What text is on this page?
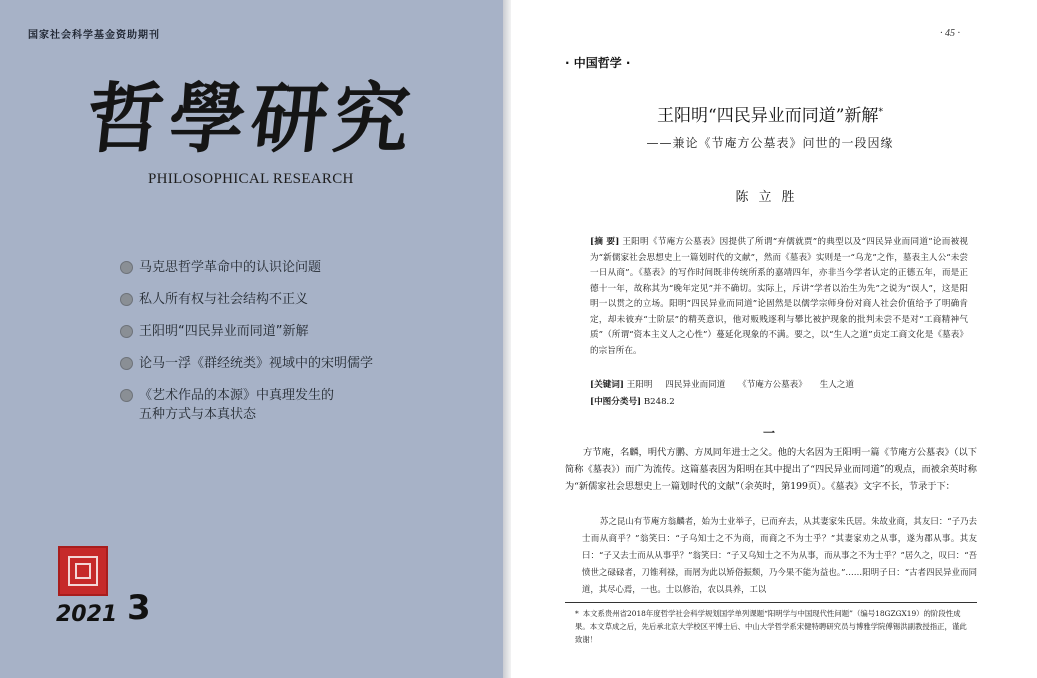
国家社会科学基金资助期刊
哲學研究
PHILOSOPHICAL RESEARCH
马克思哲学革命中的认识论问题
私人所有权与社会结构不正义
王阳明“四民异业而同道”新解
论马一浮《群经统类》视域中的宋明儒学
《艺术作品的本源》中真理发生的
五种方式与本真状态
2021 3
· 45 ·
· 中国哲学 ·
王阳明“四民异业而同道”新解*
——兼论《节庵方公墓表》问世的一段因缘
陈立胜
[摘 要] 王阳明《节庵方公墓表》因提供了所谓“弃儒就贾”的典型以及“四民异业而同道”论而被视为“新儒家社会思想史上一篇划时代的文献”，然而《墓表》实则是一“乌龙”之作，墓表主人公“未尝一日从商”。《墓表》的写作时间既非传统所系的嘉靖四年，亦非当今学者认定的正德五年，而是正德十一年，故称其为“晚年定见”并不确切。实际上，斥讲“学者以治生为先”之说为“误人”，这是阳明一以贯之的立场。阳明“四民异业而同道”论固然是以儒学宗师身份对商人社会价值给予了明确肯定，却未彼弃“士阶层”的精英意识，他对贩贱逐利与攀比被护现象的批判未尝不是对“工商精神气质”（所谓“资本主义人之心性”）蔓延化现象的不满。要之，以“生人之道”贞定工商文化是《墓表》的宗旨所在。
[关键词] 王阳明 四民异业而同道 《节庵方公墓表》 生人之道
[中图分类号] B248.2
一
方节庵，名麟，明代方鹏、方凤同年进士之父。他的大名因为王阳明一篇《节庵方公墓表》（以下简称《墓表》）而广为流传。这篇墓表因为阳明在其中提出了“四民异业而同道”的观点，而被余英时称为“新儒家社会思想史上一篇划时代的文献”（余英时，第199页）。《墓表》文字不长，节录于下：
苏之昆山有节庵方翁麟者，始为士业举子，已而弃去，从其妻家朱氏居。朱故业商，其友曰：“子乃去士而从商乎？”翁笑曰：“子乌知士之不为商，而商之不为士乎？”其妻家劝之从事，遂为郡从事。其友曰：“子又去士而从从事乎？”翁笑曰：“子又乌知士之不为从事，而从事之不为士乎？”居久之，叹曰：“吾愤世之碌碌者，刀锥利禄，而屑为此以矫俗振颓，乃今果不能为益也。”……阳明子曰：“古者四民异业而同道，其尽心焉，一也。士以修治，农以具养，工以
* 本文系贵州省2018年度哲学社会科学规划国学单列课题“阳明学与中国现代性问题”（编号18GZGX19）的阶段性成果。本文草成之后，先后承北京大学校区平博士后、中山大学哲学系宋健特聘研究员与博雅学院傅锡洪副教授指正，谨此致谢！
